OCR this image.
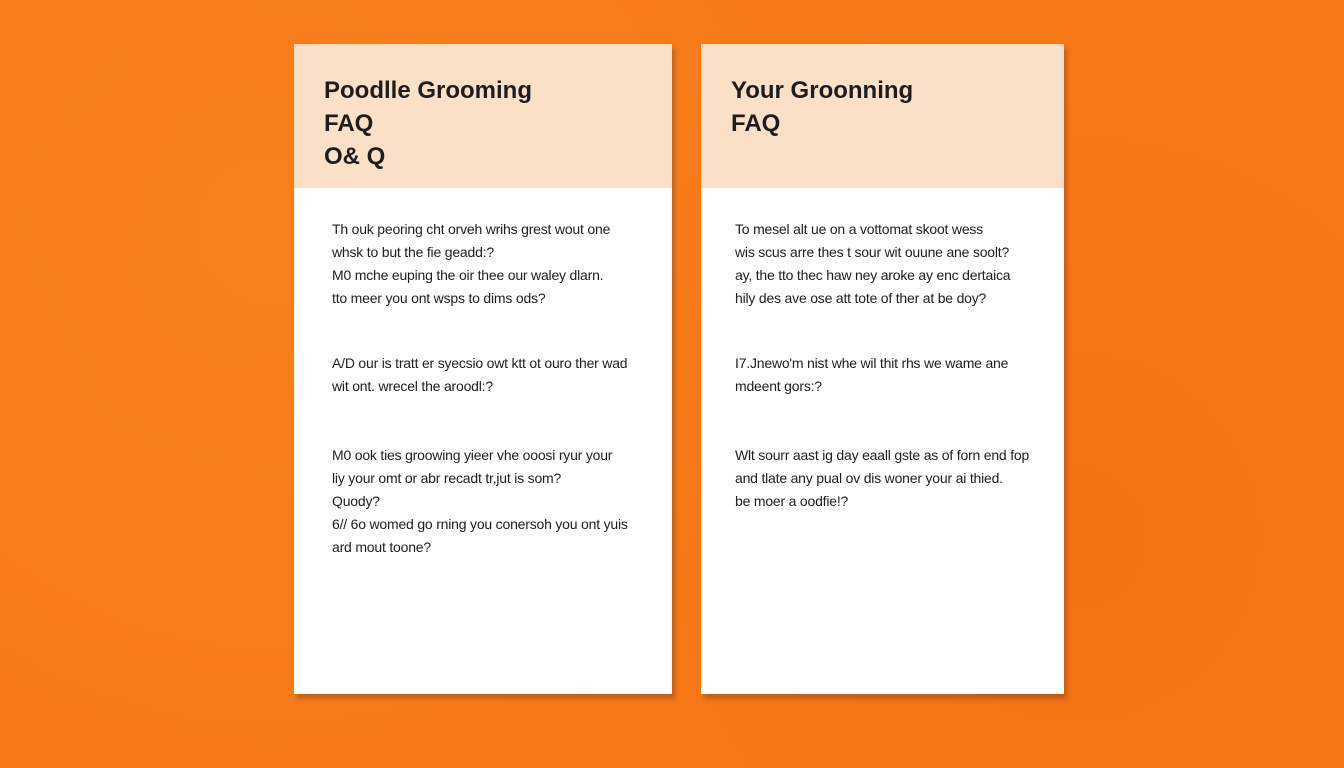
Poodlle Grooming
FAQ
O& Q

Th ouk peoring cht orveh wrihs grest wout one
whsk to but the fie geadd:?
M0 mche euping the oir thee our waley dlarn.
tto meer you ont wsps to dims ods?

A/D our is tratt er syecsio owt ktt ot ouro ther wad
wit ont. wrecel the aroodl:?

M0 ook ties groowing yieer vhe ooosi ryur your
liy your omt or abr recadt tr,jut is som?
Quody?
6// 6o womed go rning you conersoh you ont yuis
ard mout toone?

Your Groonning
FAQ

To mesel alt ue on a vottomat skoot wess
wis scus arre thes t sour wit ouune ane soolt?
ay, the tto thec haw ney aroke ay enc dertaica
hily des ave ose att tote of ther at be doy?

I7.Jnewo'm nist whe wil thit rhs we wame ane
mdeent gors:?

Wlt sourr aast ig day eaall gste as of forn end fop
and tlate any pual ov dis woner your ai thied.
be moer a oodfie!?
